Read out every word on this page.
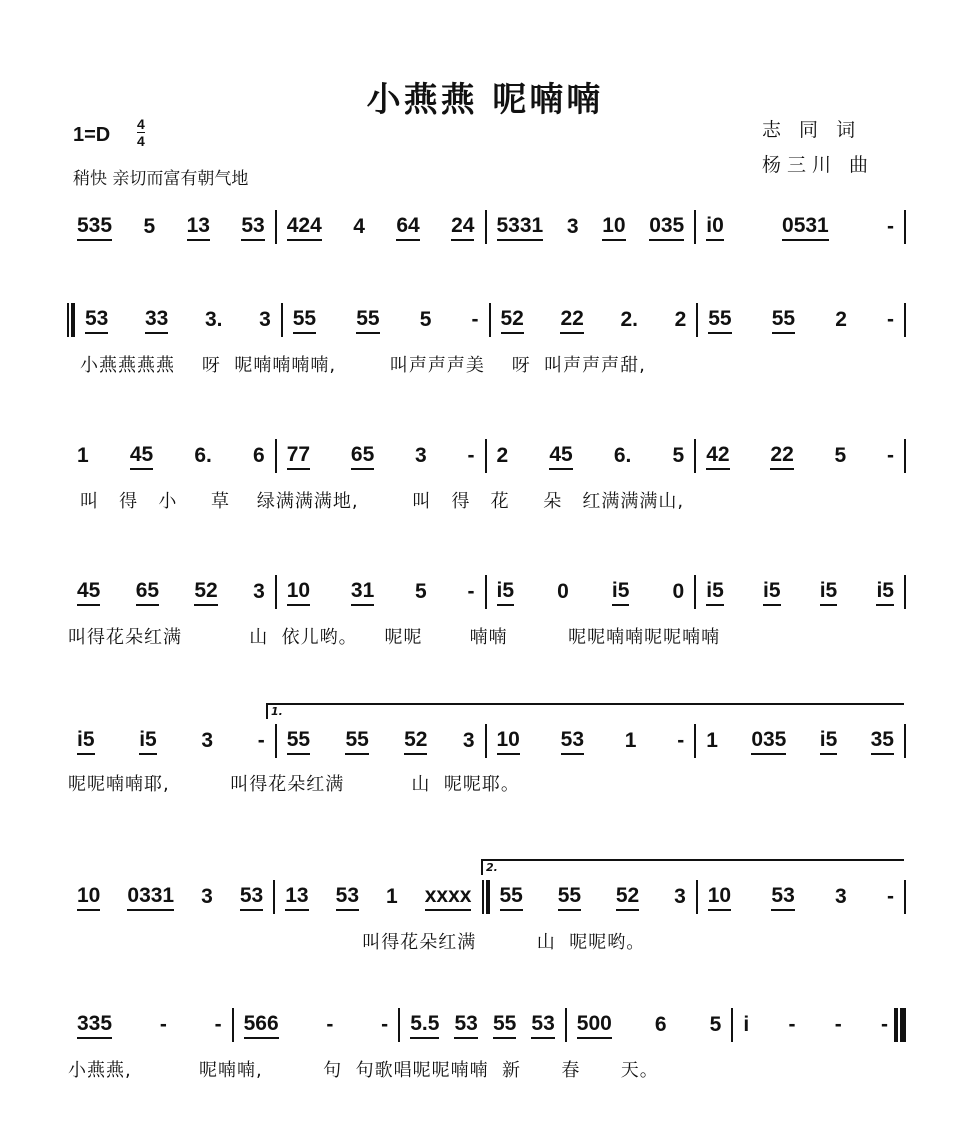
小燕燕 呢喃喃
1=D 4
4
稍快 亲切而富有朝气地
志 同 词
杨三川 曲
535 5 13 53 424 4 64 24 5331 3 10 035 i0	0531	-
53 33 3. 3 55 55 5 - 52 22 2. 2 55 55 2 -
小燕燕燕燕    呀  呢喃喃喃喃,        叫声声声美    呀  叫声声声甜,
1 45 6. 6 77 65 3 - 2 45 6. 5 42 22 5 -
叫   得   小     草    绿满满满地,        叫   得   花     朵   红满满满山,
45 65 52 3 10 31 5 - i5 0 i5 0 i5 i5 i5 i5
叫得花朵红满          山  依儿哟。    呢呢       喃喃         呢呢喃喃呢呢喃喃
i5 i5 3 - 55 55 52 3 10 53 1 - 1 035 i5 35
1.
呢呢喃喃耶,         叫得花朵红满          山  呢呢耶。
10 0331 3 53 13 53 1 xxxx 55 55 52 3 10 53 3 -
2.
叫得花朵红满         山  呢呢哟。
335 - - 566 - - 5.5 53 55 53 500 6 5 i - - -
小燕燕,          呢喃喃,         句  句歌唱呢呢喃喃  新      春      天。
